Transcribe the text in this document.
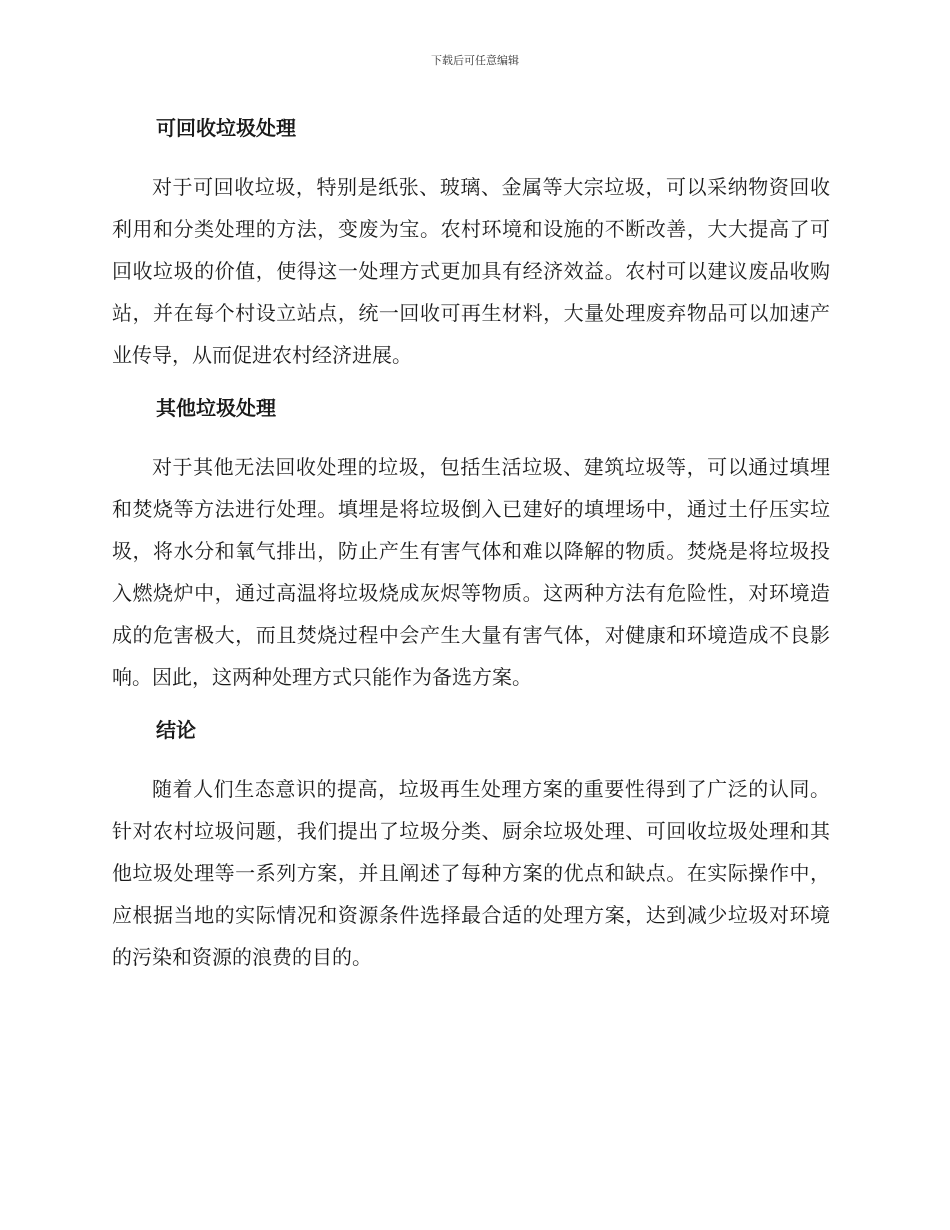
下载后可任意编辑
可回收垃圾处理

对于可回收垃圾，特别是纸张、玻璃、金属等大宗垃圾，可以采纳物资回收利用和分类处理的方法，变废为宝。农村环境和设施的不断改善，大大提高了可回收垃圾的价值，使得这一处理方式更加具有经济效益。农村可以建议废品收购站，并在每个村设立站点，统一回收可再生材料，大量处理废弃物品可以加速产业传导，从而促进农村经济进展。

其他垃圾处理

对于其他无法回收处理的垃圾，包括生活垃圾、建筑垃圾等，可以通过填埋和焚烧等方法进行处理。填埋是将垃圾倒入已建好的填埋场中，通过土仔压实垃圾，将水分和氧气排出，防止产生有害气体和难以降解的物质。焚烧是将垃圾投入燃烧炉中，通过高温将垃圾烧成灰烬等物质。这两种方法有危险性，对环境造成的危害极大，而且焚烧过程中会产生大量有害气体，对健康和环境造成不良影响。因此，这两种处理方式只能作为备选方案。

结论

随着人们生态意识的提高，垃圾再生处理方案的重要性得到了广泛的认同。针对农村垃圾问题，我们提出了垃圾分类、厨余垃圾处理、可回收垃圾处理和其他垃圾处理等一系列方案，并且阐述了每种方案的优点和缺点。在实际操作中，应根据当地的实际情况和资源条件选择最合适的处理方案，达到减少垃圾对环境的污染和资源的浪费的目的。
